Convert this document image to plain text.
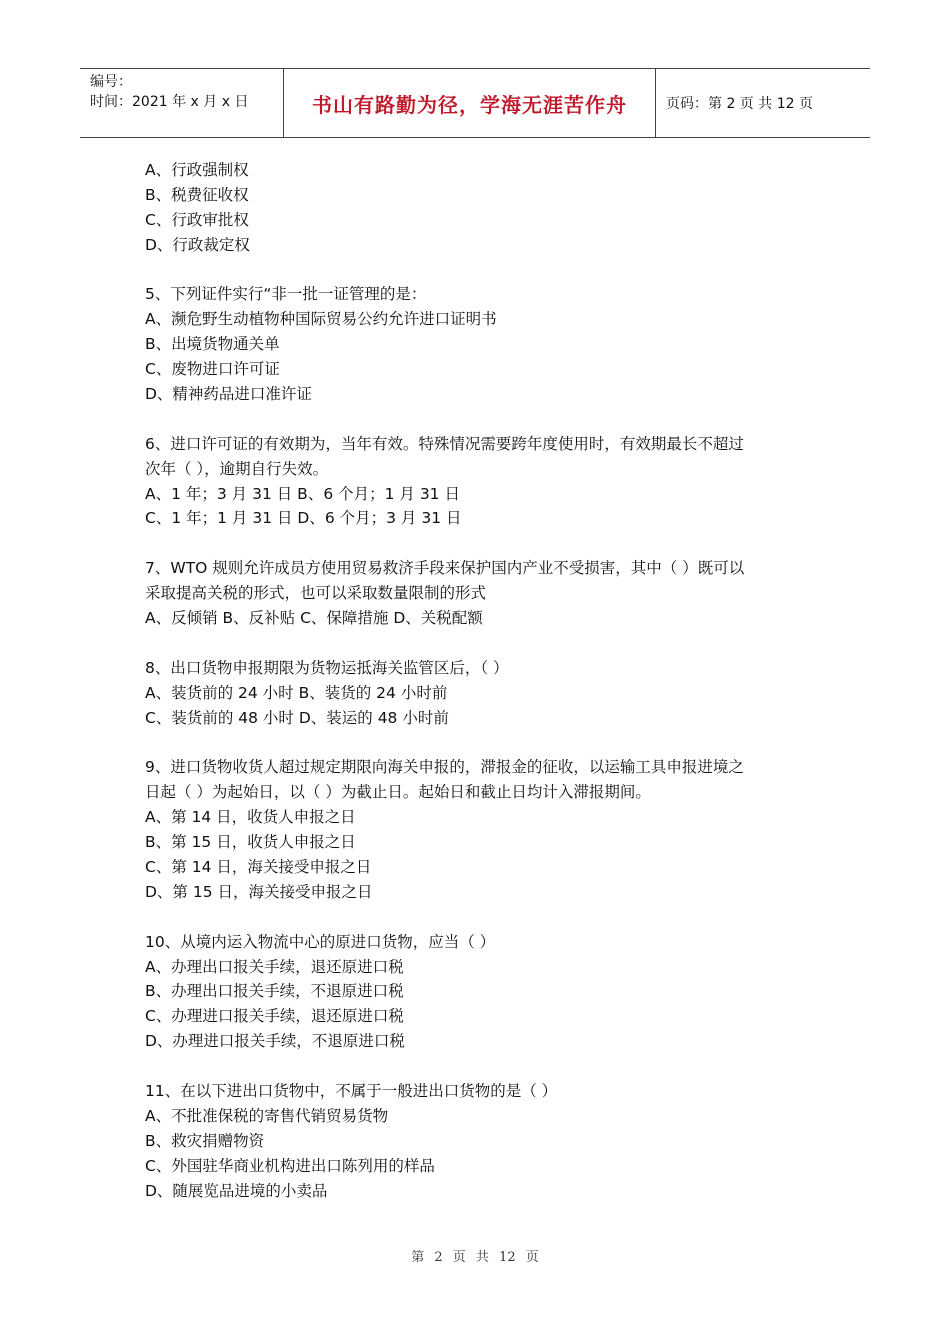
编号：
时间：2021 年 x 月 x 日	书山有路勤为径，学海无涯苦作舟	页码：第 2 页 共 12 页
A、行政强制权
B、税费征收权
C、行政审批权
D、行政裁定权
5、下列证件实行“非一批一证管理的是：
A、濒危野生动植物种国际贸易公约允许进口证明书
B、出境货物通关单
C、废物进口许可证
D、精神药品进口准许证
6、进口许可证的有效期为，当年有效。特殊情况需要跨年度使用时，有效期最长不超过
次年（ ），逾期自行失效。
A、1 年；3 月 31 日 B、6 个月；1 月 31 日
C、1 年；1 月 31 日 D、6 个月；3 月 31 日
7、WTO 规则允许成员方使用贸易救济手段来保护国内产业不受损害，其中（ ）既可以
采取提高关税的形式，也可以采取数量限制的形式
A、反倾销 B、反补贴 C、保障措施 D、关税配额
8、出口货物申报期限为货物运抵海关监管区后，（ ）
A、装货前的 24 小时 B、装货的 24 小时前
C、装货前的 48 小时 D、装运的 48 小时前
9、进口货物收货人超过规定期限向海关申报的，滞报金的征收，以运输工具申报进境之
日起（ ）为起始日，以（ ）为截止日。起始日和截止日均计入滞报期间。
A、第 14 日，收货人申报之日
B、第 15 日，收货人申报之日
C、第 14 日，海关接受申报之日
D、第 15 日，海关接受申报之日
10、从境内运入物流中心的原进口货物，应当（ ）
A、办理出口报关手续，退还原进口税
B、办理出口报关手续，不退原进口税
C、办理进口报关手续，退还原进口税
D、办理进口报关手续，不退原进口税
11、在以下进出口货物中，不属于一般进出口货物的是（ ）
A、不批准保税的寄售代销贸易货物
B、救灾捐赠物资
C、外国驻华商业机构进出口陈列用的样品
D、随展览品进境的小卖品
第 2 页 共 12 页
